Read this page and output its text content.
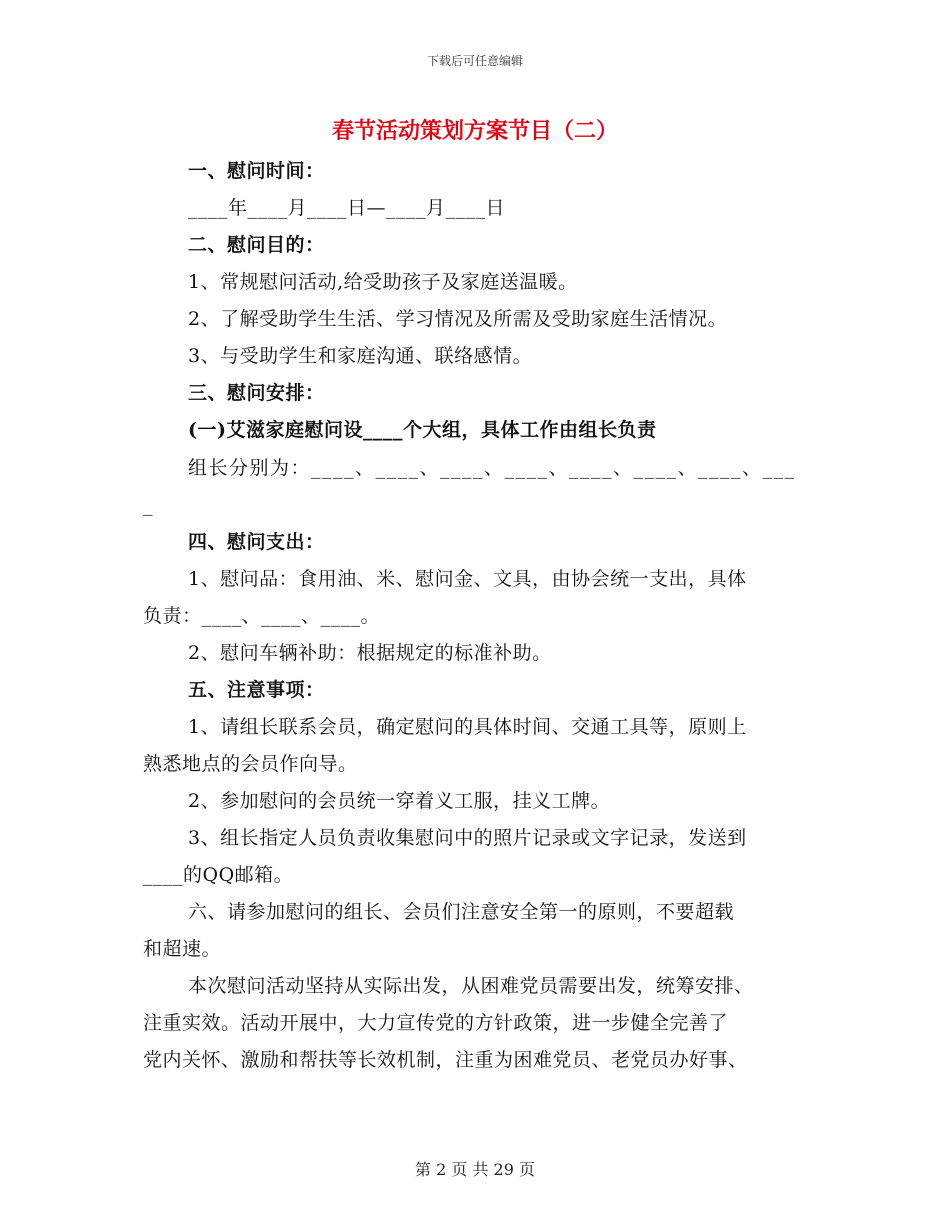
下载后可任意编辑
春节活动策划方案节目（二）
一、慰问时间：
____年____月____日—____月____日
二、慰问目的：
1、常规慰问活动,给受助孩子及家庭送温暖。
2、了解受助学生生活、学习情况及所需及受助家庭生活情况。
3、与受助学生和家庭沟通、联络感情。
三、慰问安排：
(一)艾滋家庭慰问设____个大组，具体工作由组长负责
组长分别为：____、____、____、____、____、____、____、___
_
四、慰问支出：
1、慰问品：食用油、米、慰问金、文具，由协会统一支出，具体
负责：____、____、____。
2、慰问车辆补助：根据规定的标准补助。
五、注意事项：
1、请组长联系会员，确定慰问的具体时间、交通工具等，原则上
熟悉地点的会员作向导。
2、参加慰问的会员统一穿着义工服，挂义工牌。
3、组长指定人员负责收集慰问中的照片记录或文字记录，发送到
____的QQ邮箱。
六、请参加慰问的组长、会员们注意安全第一的原则，不要超载
和超速。
本次慰问活动坚持从实际出发，从困难党员需要出发，统筹安排、
注重实效。活动开展中，大力宣传党的方针政策，进一步健全完善了
党内关怀、激励和帮扶等长效机制，注重为困难党员、老党员办好事、
第 2 页 共 29 页
